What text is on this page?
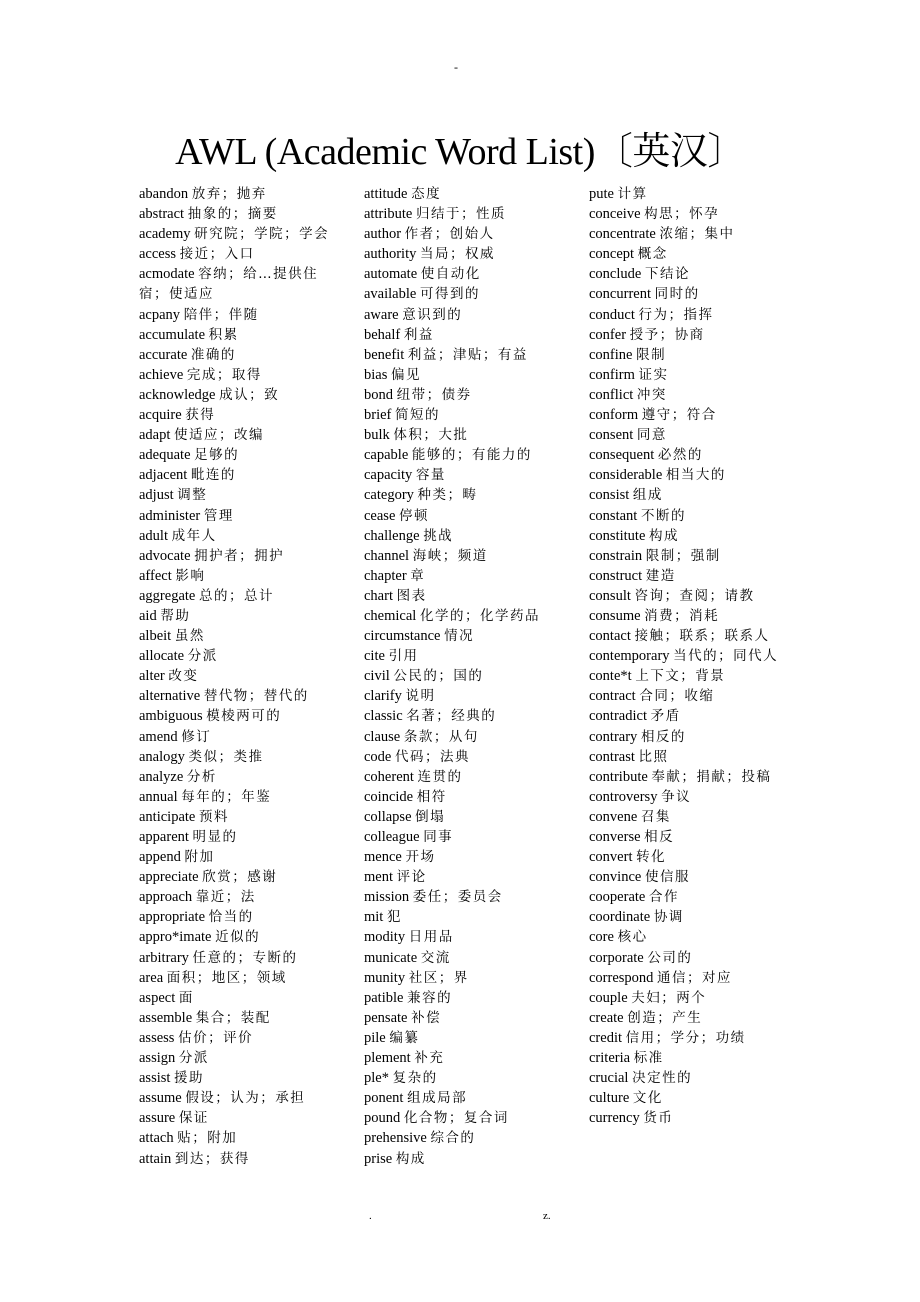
-
AWL (Academic Word List)〔英汉〕
abandon 放弃；抛弃
abstract 抽象的；摘要
academy 研究院；学院；学会
access 接近；入口
acmodate 容纳；给…提供住宿；使适应
acpany 陪伴；伴随
accumulate 积累
accurate 准确的
achieve 完成；取得
acknowledge 成认；致
acquire 获得
adapt 使适应；改编
adequate 足够的
adjacent 毗连的
adjust 调整
administer 管理
adult 成年人
advocate 拥护者；拥护
affect 影响
aggregate 总的；总计
aid 帮助
albeit 虽然
allocate 分派
alter 改变
alternative 替代物；替代的
ambiguous 模棱两可的
amend 修订
analogy 类似；类推
analyze 分析
annual 每年的；年鉴
anticipate 预料
apparent 明显的
append 附加
appreciate 欣赏；感谢
approach 靠近；法
appropriate 恰当的
appro*imate 近似的
arbitrary 任意的；专断的
area 面积；地区；领域
aspect 面
assemble 集合；装配
assess 估价；评价
assign 分派
assist 援助
assume 假设；认为；承担
assure 保证
attach 贴；附加
attain 到达；获得
attitude 态度
attribute 归结于；性质
author 作者；创始人
authority 当局；权威
automate 使自动化
available 可得到的
aware 意识到的
behalf 利益
benefit 利益；津贴；有益
bias 偏见
bond 纽带；债券
brief 简短的
bulk 体积；大批
capable 能够的；有能力的
capacity 容量
category 种类；畴
cease 停顿
challenge 挑战
channel 海峡；频道
chapter 章
chart 图表
chemical 化学的；化学药品
circumstance 情况
cite 引用
civil 公民的；国的
clarify 说明
classic 名著；经典的
clause 条款；从句
code 代码；法典
coherent 连贯的
coincide 相符
collapse 倒塌
colleague 同事
mence 开场
ment 评论
mission 委任；委员会
mit 犯
modity 日用品
municate 交流
munity 社区；界
patible 兼容的
pensate 补偿
pile 编纂
plement 补充
ple* 复杂的
ponent 组成局部
pound 化合物；复合词
prehensive 综合的
prise 构成
pute 计算
conceive 构思；怀孕
concentrate 浓缩；集中
concept 概念
conclude 下结论
concurrent 同时的
conduct 行为；指挥
confer 授予；协商
confine 限制
confirm 证实
conflict 冲突
conform 遵守；符合
consent 同意
consequent 必然的
considerable 相当大的
consist 组成
constant 不断的
constitute 构成
constrain 限制；强制
construct 建造
consult 咨询；查阅；请教
consume 消费；消耗
contact 接触；联系；联系人
contemporary 当代的；同代人
conte*t 上下文；背景
contract 合同；收缩
contradict 矛盾
contrary 相反的
contrast 比照
contribute 奉献；捐献；投稿
controversy 争议
convene 召集
converse 相反
convert 转化
convince 使信服
cooperate 合作
coordinate 协调
core 核心
corporate 公司的
correspond 通信；对应
couple 夫妇；两个
create 创造；产生
credit 信用；学分；功绩
criteria 标准
crucial 决定性的
culture 文化
currency 货币
.	z.
